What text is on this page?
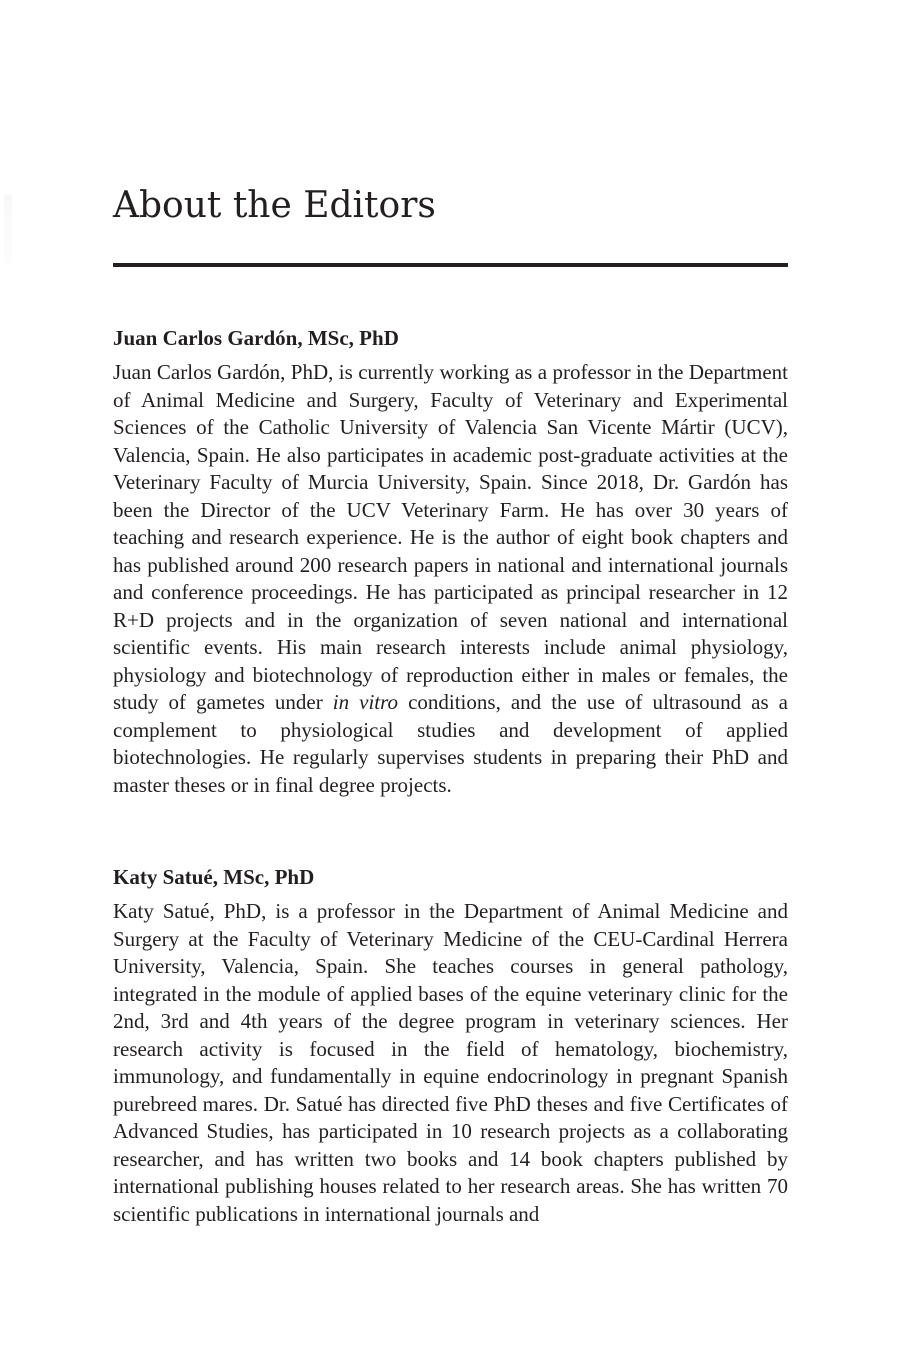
About the Editors
Juan Carlos Gardón, MSc, PhD

Juan Carlos Gardón, PhD, is currently working as a professor in the Department of Animal Medicine and Surgery, Faculty of Veterinary and Experimental Sciences of the Catholic University of Valencia San Vicente Mártir (UCV), Valencia, Spain. He also participates in academic post-graduate activities at the Veterinary Faculty of Murcia University, Spain. Since 2018, Dr. Gardón has been the Director of the UCV Veterinary Farm. He has over 30 years of teaching and research experience. He is the author of eight book chapters and has published around 200 research papers in national and international journals and conference proceedings. He has participated as principal researcher in 12 R+D projects and in the organization of seven national and international scientific events. His main research interests include animal physiology, physiology and biotechnology of reproduction either in males or females, the study of gametes under in vitro conditions, and the use of ultrasound as a complement to physiological studies and development of applied biotechnologies. He regularly supervises students in preparing their PhD and master theses or in final degree projects.

Katy Satué, MSc, PhD

Katy Satué, PhD, is a professor in the Department of Animal Medicine and Surgery at the Faculty of Veterinary Medicine of the CEU-Cardinal Herrera University, Valencia, Spain. She teaches courses in general pathology, integrated in the module of applied bases of the equine veterinary clinic for the 2nd, 3rd and 4th years of the degree program in veterinary sciences. Her research activity is focused in the field of hematology, biochemistry, immunology, and fundamentally in equine endocrinology in pregnant Spanish purebreed mares. Dr. Satué has directed five PhD theses and five Certificates of Advanced Studies, has participated in 10 research projects as a collaborating researcher, and has written two books and 14 book chapters published by international publishing houses related to her research areas. She has written 70 scientific publications in international journals and
